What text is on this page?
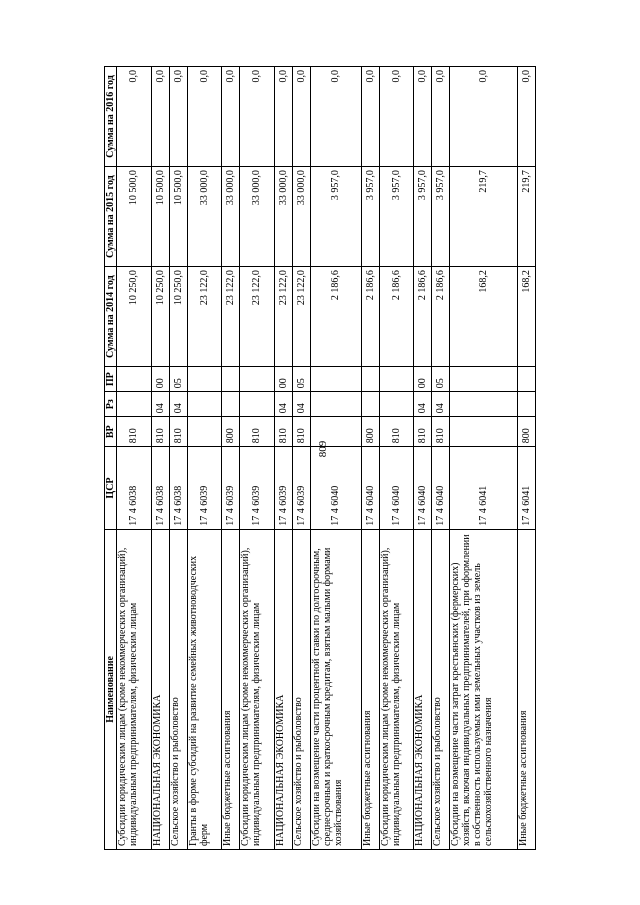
809
Наименование	ЦСР	ВР	Рз	ПР	Сумма на 2014 год	Сумма на 2015 год	Сумма на 2016 год
Субсидии юридическим лицам (кроме некоммерческих организаций), индивидуальным предпринимателям, физическим лицам	17 4 6038	810			10 250,0	10 500,0	0,0
НАЦИОНАЛЬНАЯ ЭКОНОМИКА	17 4 6038	810	04	00	10 250,0	10 500,0	0,0
Сельское хозяйство и рыболовство	17 4 6038	810	04	05	10 250,0	10 500,0	0,0
Гранты в форме субсидий на развитие семейных животноводческих ферм	17 4 6039				23 122,0	33 000,0	0,0
Иные бюджетные ассигнования	17 4 6039	800			23 122,0	33 000,0	0,0
Субсидии юридическим лицам (кроме некоммерческих организаций), индивидуальным предпринимателям, физическим лицам	17 4 6039	810			23 122,0	33 000,0	0,0
НАЦИОНАЛЬНАЯ ЭКОНОМИКА	17 4 6039	810	04	00	23 122,0	33 000,0	0,0
Сельское хозяйство и рыболовство	17 4 6039	810	04	05	23 122,0	33 000,0	0,0
Субсидии на возмещение части процентной ставки по долгосрочным, среднесрочным и краткосрочным кредитам, взятым малыми формами хозяйствования	17 4 6040				2 186,6	3 957,0	0,0
Иные бюджетные ассигнования	17 4 6040	800			2 186,6	3 957,0	0,0
Субсидии юридическим лицам (кроме некоммерческих организаций), индивидуальным предпринимателям, физическим лицам	17 4 6040	810			2 186,6	3 957,0	0,0
НАЦИОНАЛЬНАЯ ЭКОНОМИКА	17 4 6040	810	04	00	2 186,6	3 957,0	0,0
Сельское хозяйство и рыболовство	17 4 6040	810	04	05	2 186,6	3 957,0	0,0
Субсидии на возмещение части затрат крестьянских (фермерских) хозяйств, включая индивидуальных предпринимателей, при оформлении в собственность используемых ими земельных участков из земель сельскохозяйственного назначения	17 4 6041				168,2	219,7	0,0
Иные бюджетные ассигнования	17 4 6041	800			168,2	219,7	0,0
